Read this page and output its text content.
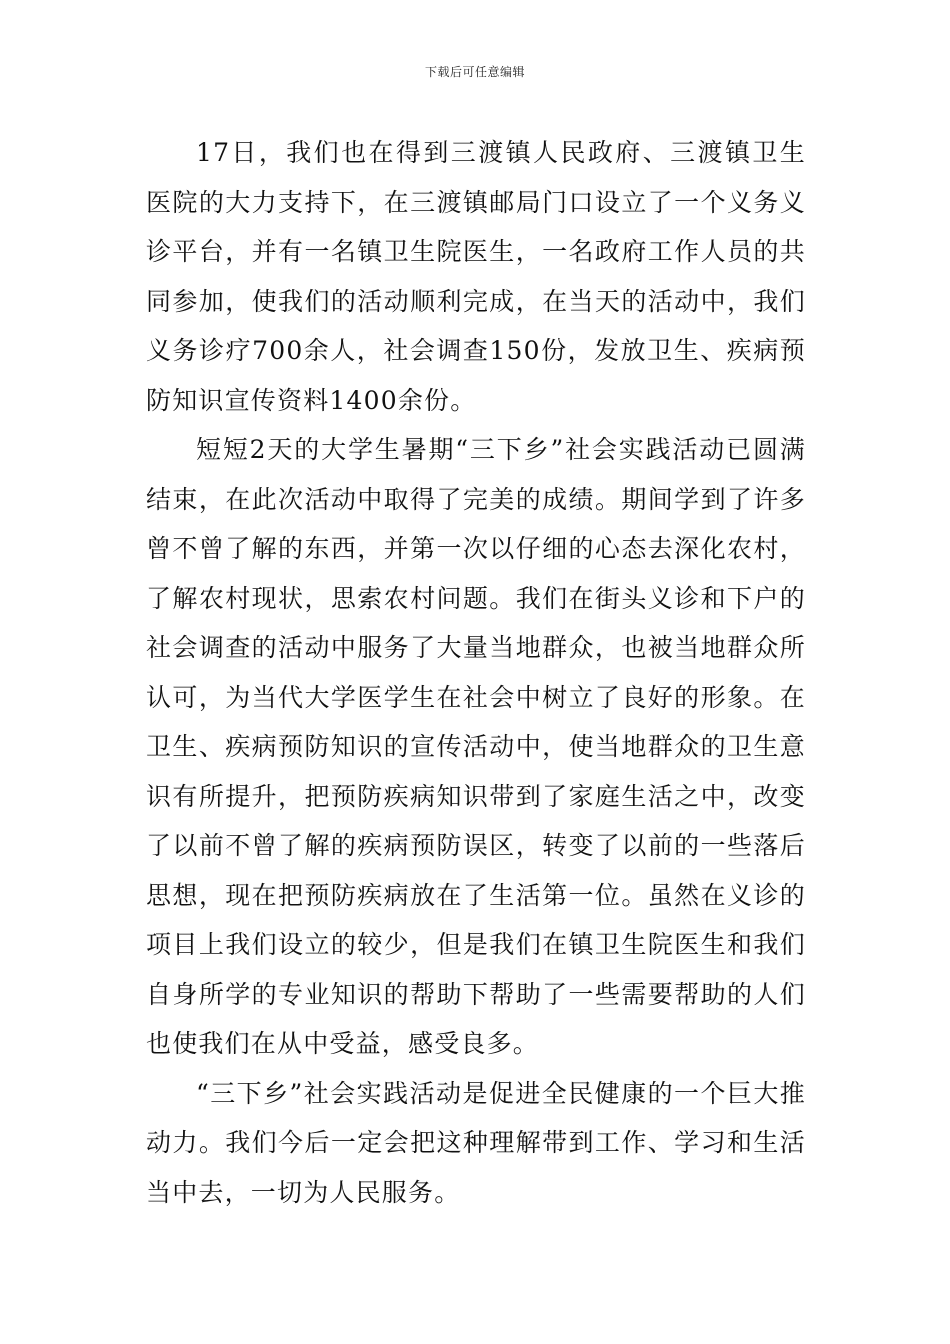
下载后可任意编辑

17日，我们也在得到三渡镇人民政府、三渡镇卫生医院的大力支持下，在三渡镇邮局门口设立了一个义务义诊平台，并有一名镇卫生院医生，一名政府工作人员的共同参加，使我们的活动顺利完成，在当天的活动中，我们义务诊疗700余人，社会调查150份，发放卫生、疾病预防知识宣传资料1400余份。

短短2天的大学生暑期“三下乡”社会实践活动已圆满结束，在此次活动中取得了完美的成绩。期间学到了许多曾不曾了解的东西，并第一次以仔细的心态去深化农村，了解农村现状，思索农村问题。我们在街头义诊和下户的社会调查的活动中服务了大量当地群众，也被当地群众所认可，为当代大学医学生在社会中树立了良好的形象。在卫生、疾病预防知识的宣传活动中，使当地群众的卫生意识有所提升，把预防疾病知识带到了家庭生活之中，改变了以前不曾了解的疾病预防误区，转变了以前的一些落后思想，现在把预防疾病放在了生活第一位。虽然在义诊的项目上我们设立的较少，但是我们在镇卫生院医生和我们自身所学的专业知识的帮助下帮助了一些需要帮助的人们也使我们在从中受益，感受良多。

“三下乡”社会实践活动是促进全民健康的一个巨大推动力。我们今后一定会把这种理解带到工作、学习和生活当中去，一切为人民服务。
